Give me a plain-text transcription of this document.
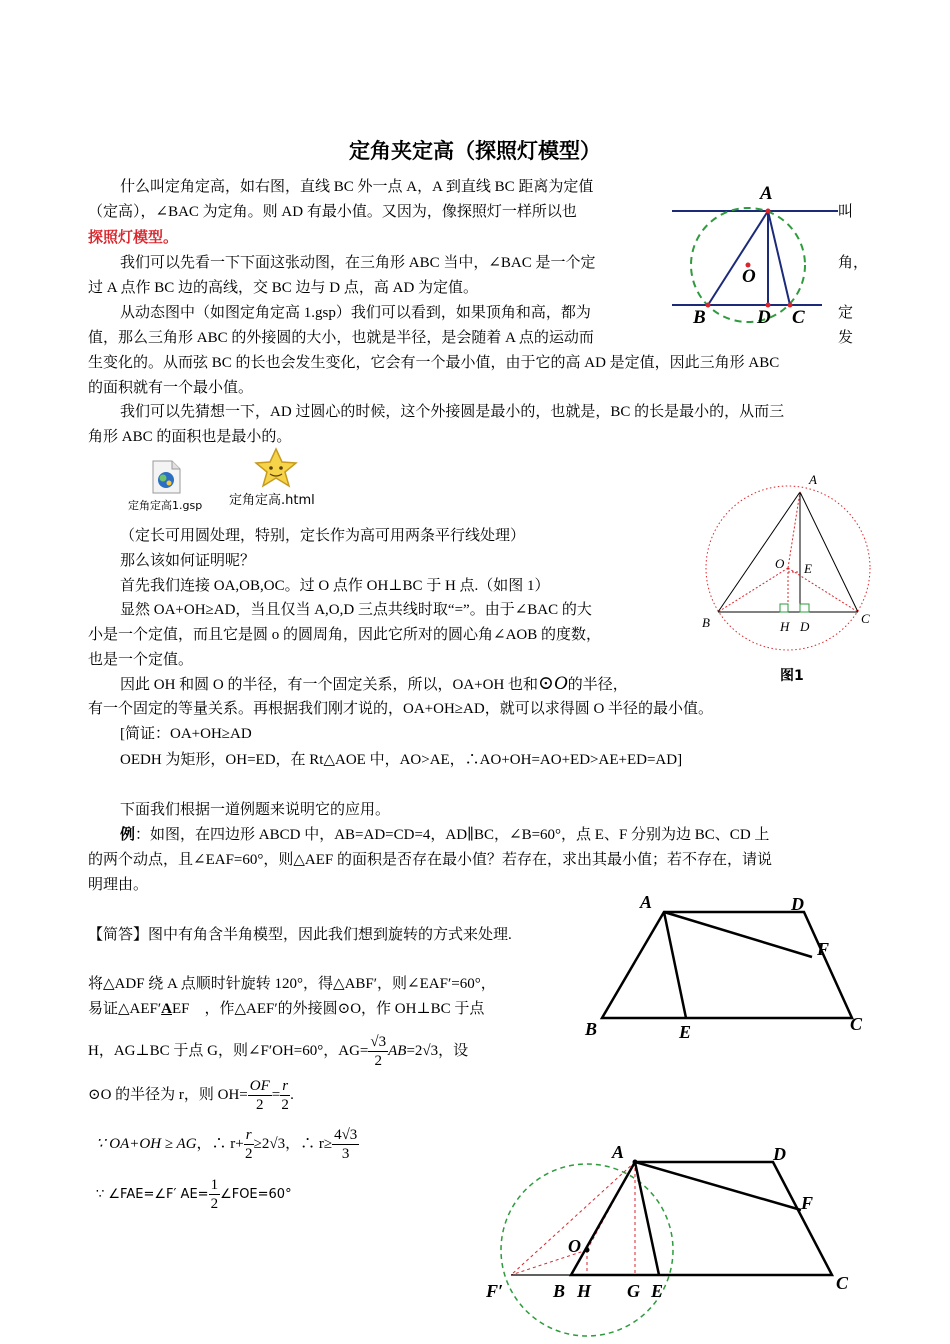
定角夹定高（探照灯模型）
什么叫定角定高，如右图，直线 BC 外一点 A，A 到直线 BC 距离为定值
叫
（定高），∠BAC 为定角。则 AD 有最小值。又因为，像探照灯一样所以也
探照灯模型。
我们可以先看一下下面这张动图，在三角形 ABC 当中，∠BAC 是一个定	角，
过 A 点作 BC 边的高线，交 BC 边与 D 点，高 AD 为定值。
从动态图中（如图定角定高 1.gsp）我们可以看到，如果顶角和高，都为	定
值，那么三角形 ABC 的外接圆的大小，也就是半径，是会随着 A 点的运动而	发
生变化的。从而弦 BC 的长也会发生变化，它会有一个最小值，由于它的高 AD 是定值，因此三角形 ABC
的面积就有一个最小值。
我们可以先猜想一下，AD 过圆心的时候，这个外接圆是最小的，也就是，BC 的长是最小的，从而三
角形 ABC 的面积也是最小的。
A
O
B	D C
定角定高1.gsp 定角定高.html
（定长可用圆处理，特别，定长作为高可用两条平行线处理）
那么该如何证明呢？
首先我们连接 OA,OB,OC。过 O 点作 OH⊥BC 于 H 点.（如图 1）
显然 OA+OH≥AD，当且仅当 A,O,D 三点共线时取“=”。由于∠BAC 的大
小是一个定值，而且它是圆 o 的圆周角，因此它所对的圆心角∠AOB 的度数，
也是一个定值。
因此 OH 和圆 O 的半径，有一个固定关系，所以，OA+OH 也和⊙O的半径，
有一个固定的等量关系。再根据我们刚才说的，OA+OH≥AD，就可以求得圆 O 半径的最小值。
[简证：OA+OH≥AD
OEDH 为矩形，OH=ED，在 Rt△AOE 中，AO>AE，∴AO+OH=AO+ED>AE+ED=AD]
A
O E
B	H D
C
图1
下面我们根据一道例题来说明它的应用。
例：如图，在四边形 ABCD 中，AB=AD=CD=4，AD∥BC，∠B=60°，点 E、F 分别为边 BC、CD 上
的两个动点，且∠EAF=60°，则△AEF 的面积是否存在最小值？若存在，求出其最小值；若不存在，请说
明理由。
A	D
F
B	E	C
【简答】图中有角含半角模型，因此我们想到旋转的方式来处理.
将△ADF 绕 A 点顺时针旋转 120°，得△ABF′，则∠EAF′=60°，
易证△AEF′AEF　，作△AEF′的外接圆⊙O，作 OH⊥BC 于点
H，AG⊥BC 于点 G，则∠F′OH=60°，$AG= \frac{√3}{2} AB=2√3$，设
⊙O 的半径为 r，则 $OH= \frac{OF}{2} = \frac{r}{2}$ .
∵ OA+OH ≥ AG，∴ $r+ \frac{r}{2} \ge 2√3$，∴ $r\ge \frac{4√3}{3}$
∵ ∠FAE=∠F′ $AE= \frac{1}{2}$ ∠FOE=60°
A	D
F
O
F′	B H G E	C
